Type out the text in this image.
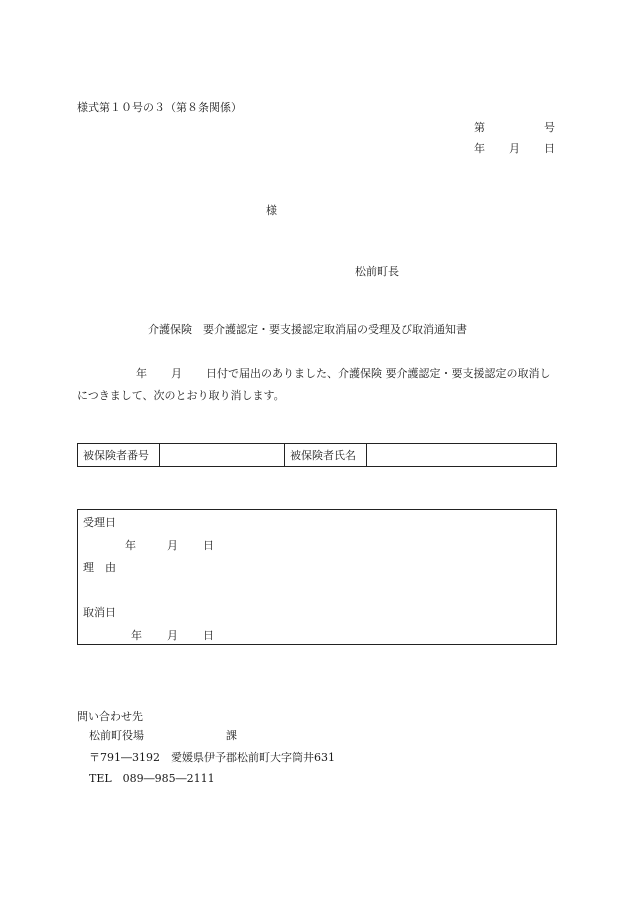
様式第１０号の３（第８条関係）
第	号
年 月 日
様
松前町長
介護保険　要介護認定・要支援認定取消届の受理及び取消通知書
年 月 日付で届出のありました、介護保険 要介護認定・要支援認定の取消しにつきまして、次のとおり取り消します。
被保険者番号		被保険者氏名	
受理日
年	月 日
理　由
取消日
年 月 日
問い合わせ先
松前町役場	課
〒791―3192　愛媛県伊予郡松前町大字筒井631
TEL　089―985―2111
